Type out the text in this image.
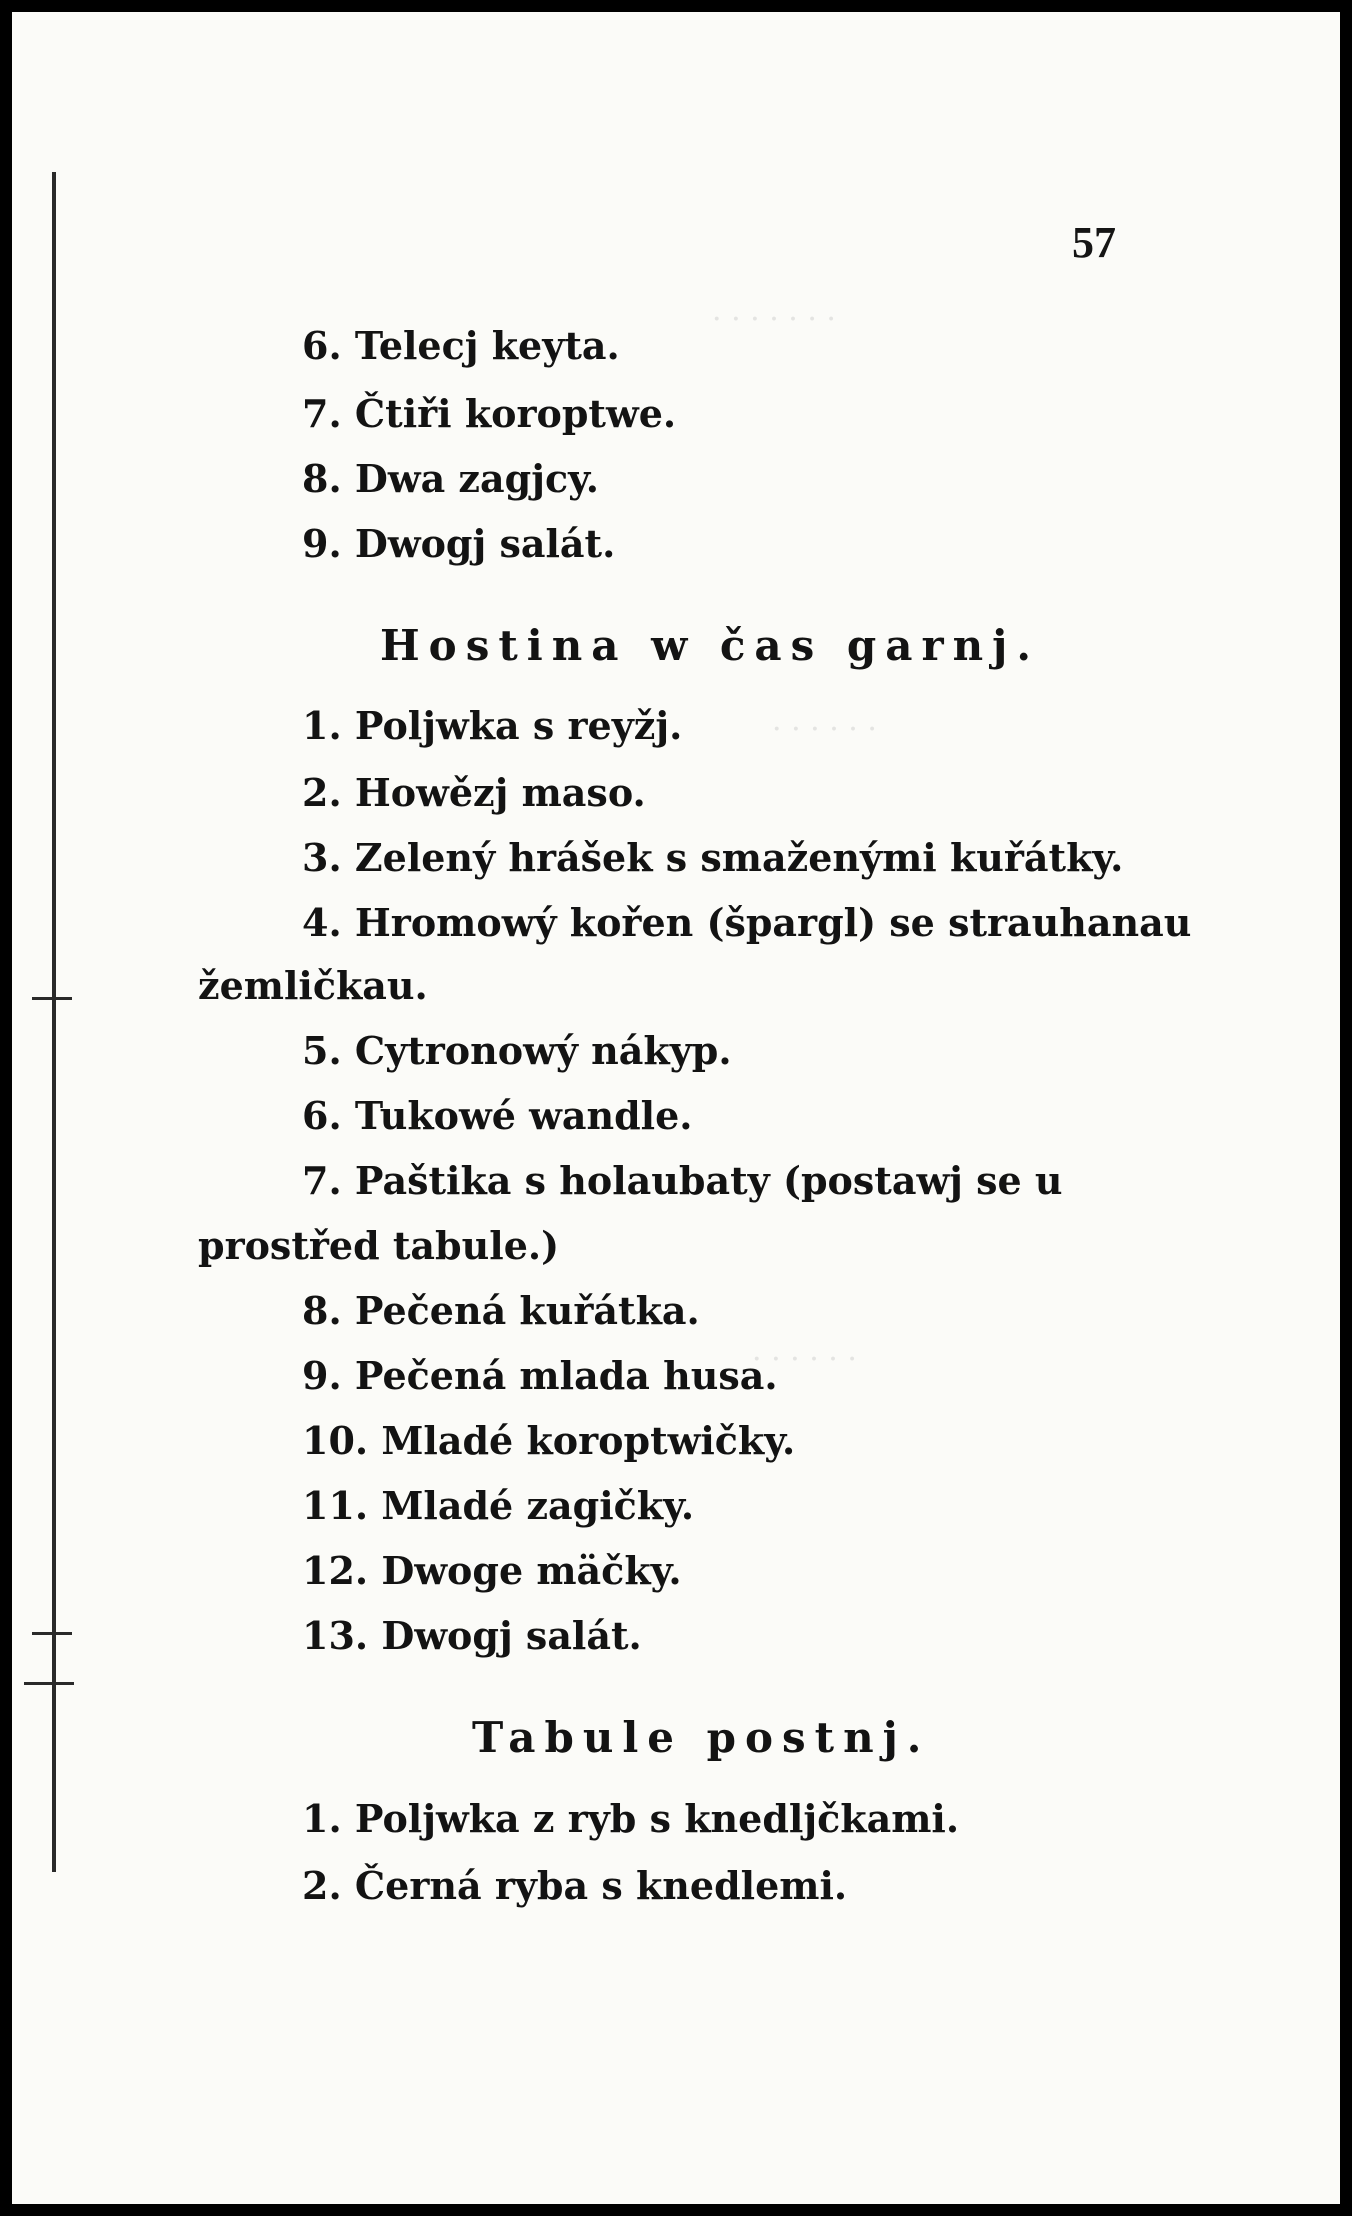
· · · · · · ·
· · · · · ·
· · · · · ·
57
6. Telecj keyta.
7. Čtiři koroptwe.
8. Dwa zagjcy.
9. Dwogj salát.
Hostina w čas garnj.
1. Poljwka s reyžj.
2. Howězj maso.
3. Zelený hrášek s smaženými kuřátky.
4. Hromowý kořen (špargl) se strauhanau
žemličkau.
5. Cytronowý nákyp.
6. Tukowé wandle.
7. Paštika s holaubaty (postawj se u
prostřed tabule.)
8. Pečená kuřátka.
9. Pečená mlada husa.
10. Mladé koroptwičky.
11. Mladé zagičky.
12. Dwoge mäčky.
13. Dwogj salát.
Tabule postnj.
1. Poljwka z ryb s knedljčkami.
2. Černá ryba s knedlemi.
